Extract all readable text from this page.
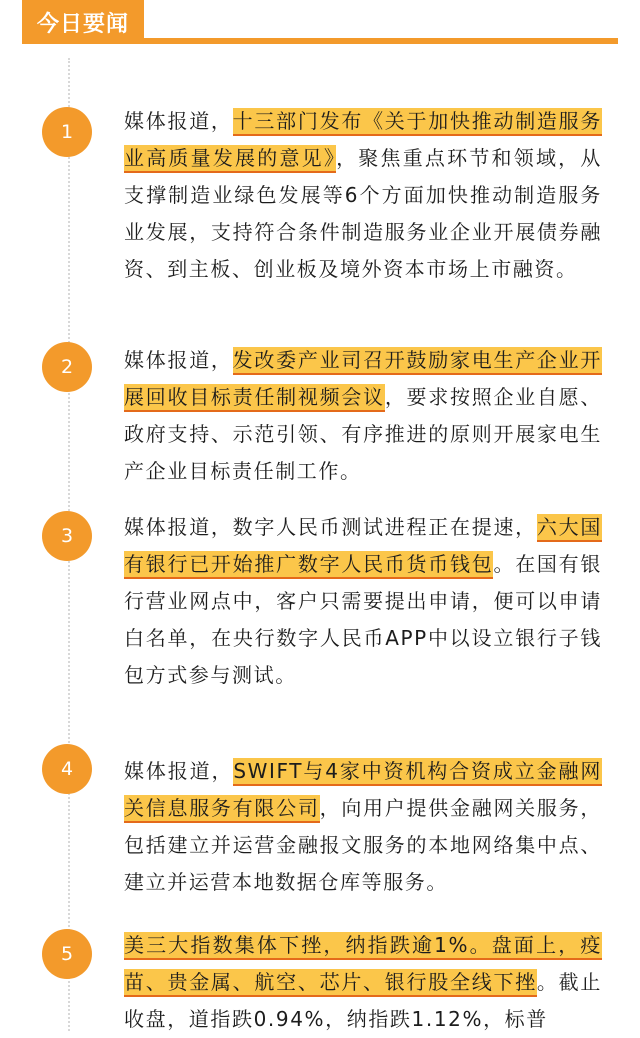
今日要闻
1	媒体报道，十三部门发布《关于加快推动制造服务业高质量发展的意见》，聚焦重点环节和领域，从支撑制造业绿色发展等6个方面加快推动制造服务业发展，支持符合条件制造服务业企业开展债券融资、到主板、创业板及境外资本市场上市融资。
2	媒体报道，发改委产业司召开鼓励家电生产企业开展回收目标责任制视频会议，要求按照企业自愿、政府支持、示范引领、有序推进的原则开展家电生产企业目标责任制工作。
3	媒体报道，数字人民币测试进程正在提速，六大国有银行已开始推广数字人民币货币钱包。在国有银行营业网点中，客户只需要提出申请，便可以申请白名单，在央行数字人民币APP中以设立银行子钱包方式参与测试。
4	媒体报道，SWIFT与4家中资机构合资成立金融网关信息服务有限公司，向用户提供金融网关服务，包括建立并运营金融报文服务的本地网络集中点、建立并运营本地数据仓库等服务。
5	美三大指数集体下挫，纳指跌逾1%。盘面上，疫苗、贵金属、航空、芯片、银行股全线下挫。截止收盘，道指跌0.94%，纳指跌1.12%，标普
